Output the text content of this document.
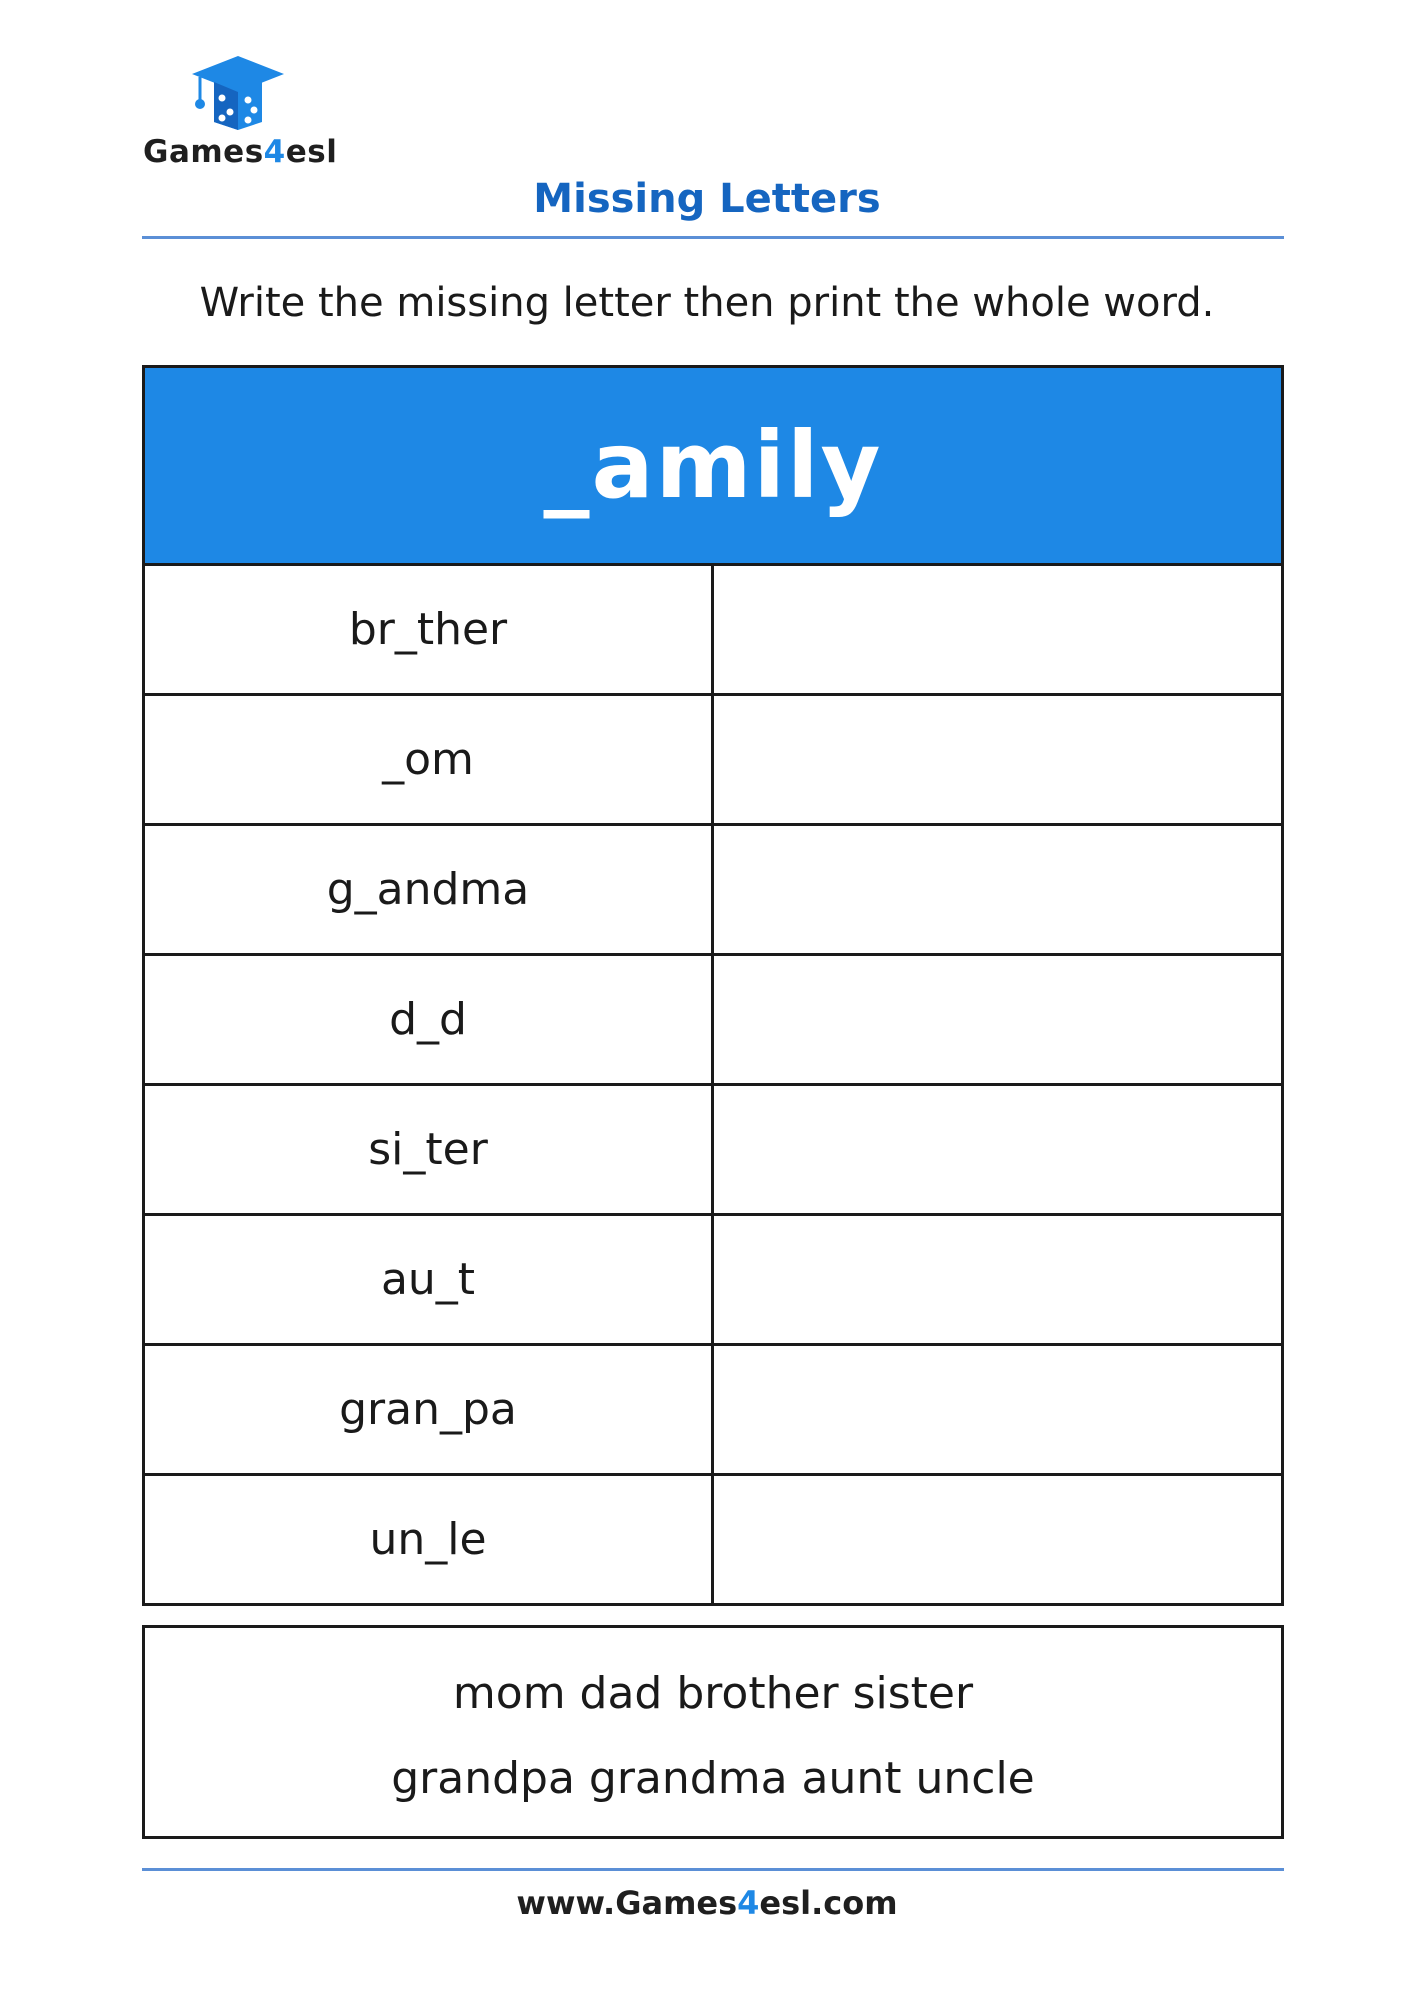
Games4esl
Missing Letters
Write the missing letter then print the whole word.
_amily
br_ther
_om
g_andma
d_d
si_ter
au_t
gran_pa
un_le
mom dad brother sister
grandpa grandma aunt uncle
www.Games4esl.com
